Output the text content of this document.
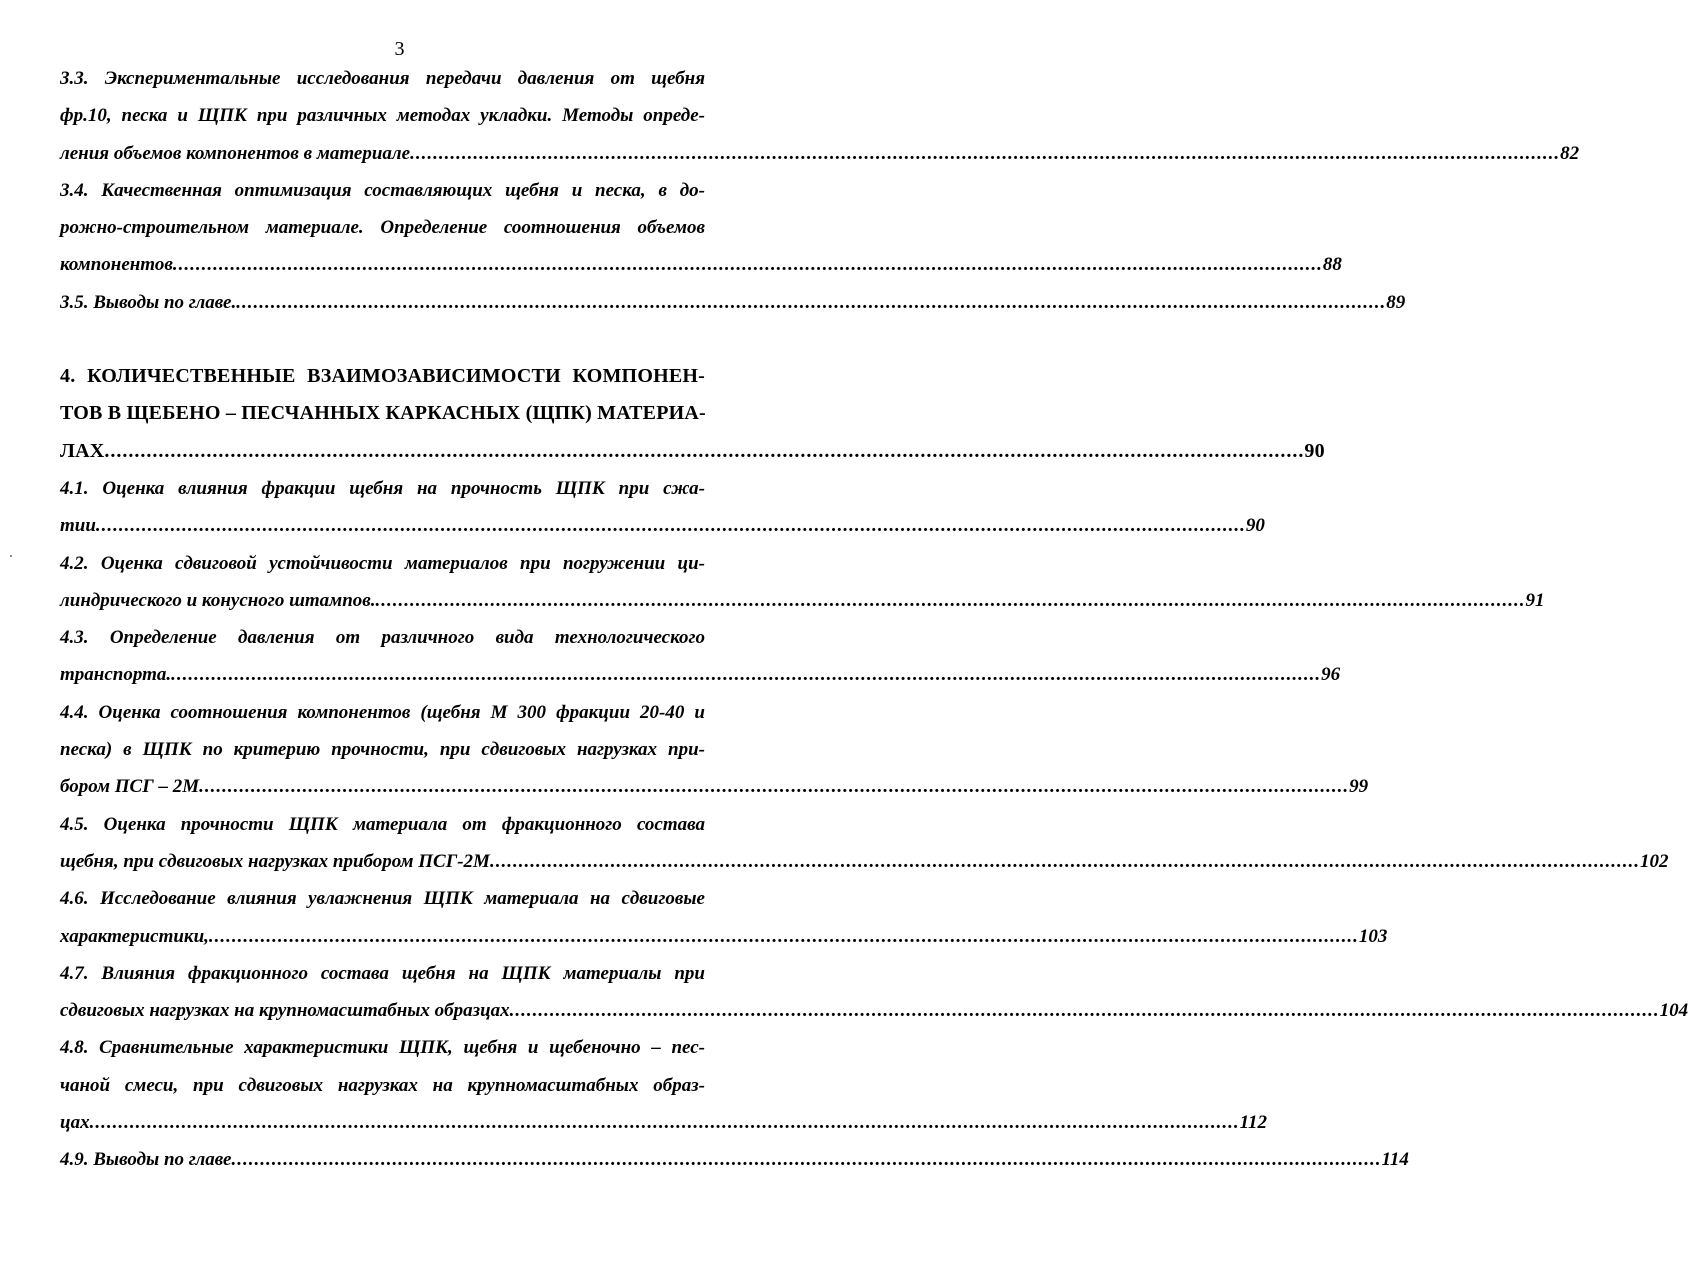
3
3.3. Экспериментальные исследования передачи давления от щебня
фр.10, песка и ЩПК при различных методах укладки. Методы опреде-
ления объемов компонентов в материале ........................................................................................................................................................................................................ 82
3.4. Качественная оптимизация составляющих щебня и песка, в до-
рожно-строительном материале. Определение соотношения объемов
компонентов ........................................................................................................................................................................................................ 88
3.5. Выводы по главе. ........................................................................................................................................................................................................ 89
4. КОЛИЧЕСТВЕННЫЕ ВЗАИМОЗАВИСИМОСТИ КОМПОНЕН-
ТОВ В ЩЕБЕНО – ПЕСЧАННЫХ КАРКАСНЫХ (ЩПК) МАТЕРИА-
ЛАХ ........................................................................................................................................................................................................ 90
4.1. Оценка влияния фракции щебня на прочность ЩПК при сжа-
тии ........................................................................................................................................................................................................ 90
4.2. Оценка сдвиговой устойчивости материалов при погружении ци-
линдрического и конусного штампов. ........................................................................................................................................................................................................ 91
4.3. Определение давления от различного вида технологического
транспорта. ........................................................................................................................................................................................................ 96
4.4. Оценка соотношения компонентов (щебня М 300 фракции 20-40 и
песка) в ЩПК по критерию прочности, при сдвиговых нагрузках при-
бором ПСГ – 2М ........................................................................................................................................................................................................ 99
4.5. Оценка прочности ЩПК материала от фракционного состава
щебня, при сдвиговых нагрузках прибором ПСГ-2М ........................................................................................................................................................................................................ 102
4.6. Исследование влияния увлажнения ЩПК материала на сдвиговые
характеристики, ........................................................................................................................................................................................................ 103
4.7. Влияния фракционного состава щебня на ЩПК материалы при
сдвиговых нагрузках на крупномасштабных образцах ........................................................................................................................................................................................................ 104
4.8. Сравнительные характеристики ЩПК, щебня и щебеночно – пес-
чаной смеси, при сдвиговых нагрузках на крупномасштабных образ-
цах ........................................................................................................................................................................................................ 112
4.9. Выводы по главе ........................................................................................................................................................................................................ 114
